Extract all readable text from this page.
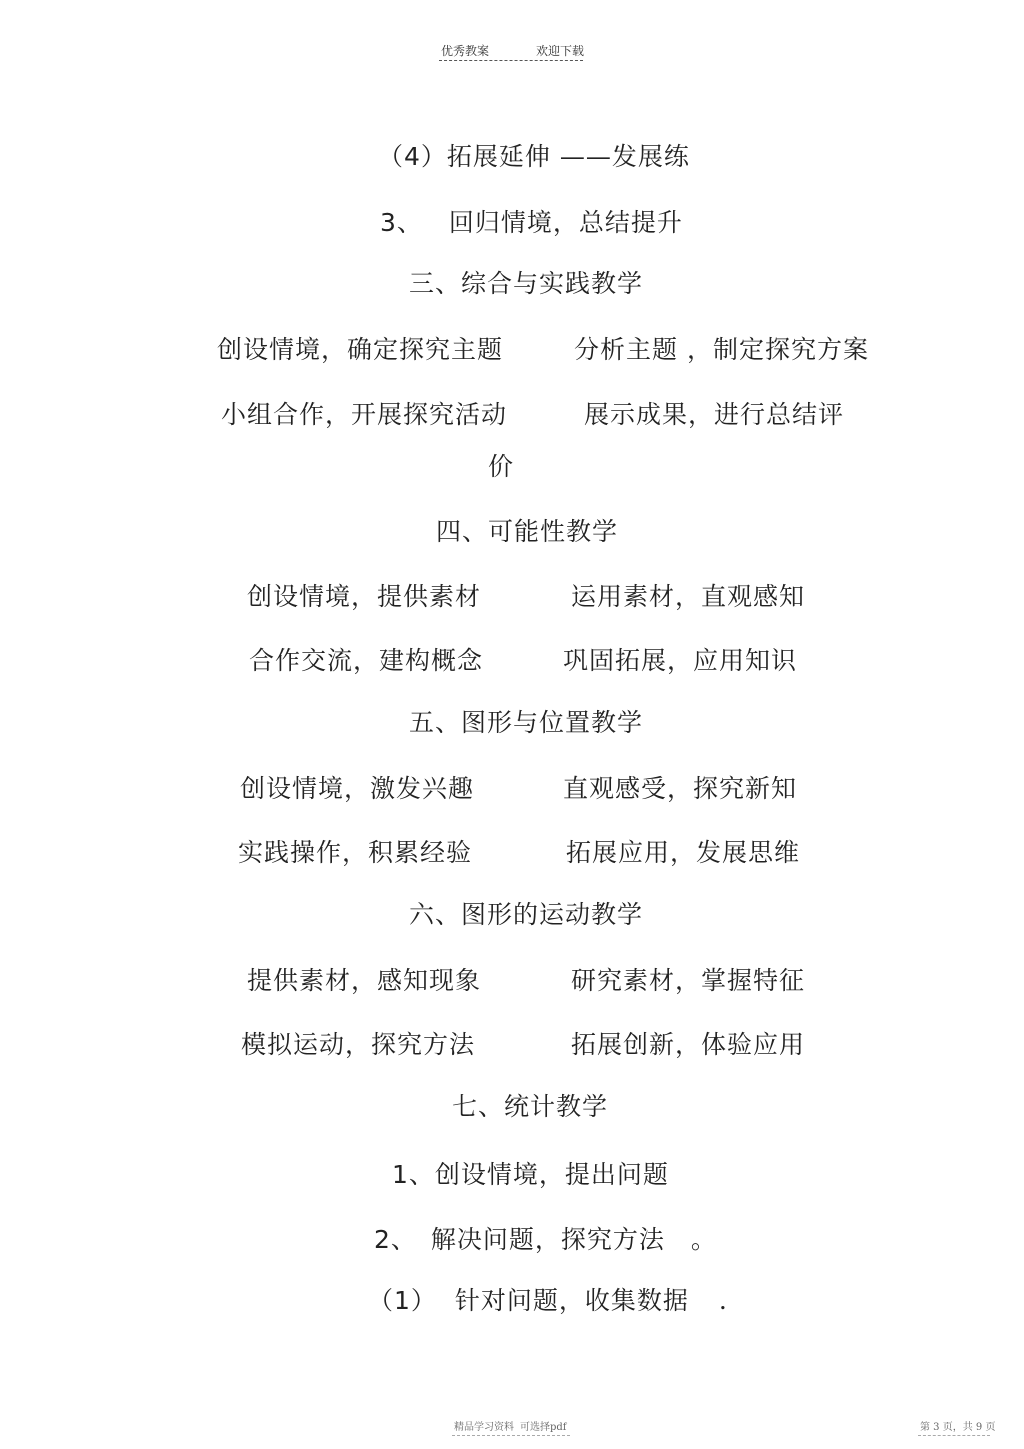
优秀教案	欢迎下载
（4）拓展延伸 ——发展练
3、 回归情境，总结提升
三、综合与实践教学
创设情境，确定探究主题	分析主题 ，制定探究方案
小组合作，开展探究活动	展示成果，进行总结评
价
四、可能性教学
创设情境，提供素材	运用素材，直观感知
合作交流，建构概念	巩固拓展，应用知识
五、图形与位置教学
创设情境，激发兴趣	直观感受，探究新知
实践操作，积累经验	拓展应用，发展思维
六、图形的运动教学
提供素材，感知现象	研究素材，掌握特征
模拟运动，探究方法	拓展创新，体验应用
七、统计教学
1、创设情境，提出问题
2、 解决问题，探究方法 。
（1） 针对问题，收集数据 .
精品学习资料 可选择pdf	第 3 页，共 9 页
